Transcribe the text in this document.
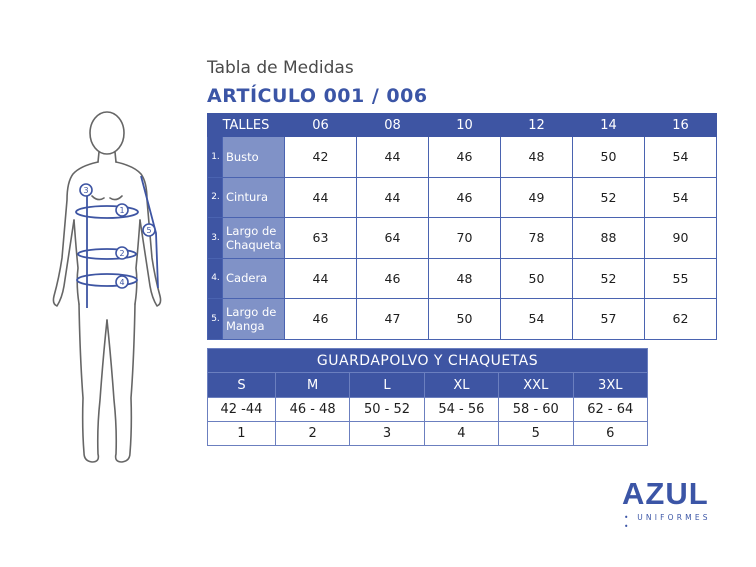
Tabla de Medidas
ARTÍCULO 001 / 006
1
2
3
4
5
TALLES		06	08	10	12	14	16
1.	Busto	42	44	46	48	50	54
2.	Cintura	44	44	46	49	52	54
3.	Largo de
Chaqueta	63	64	70	78	88	90
4.	Cadera	44	46	48	50	52	55
5.	Largo de
Manga	46	47	50	54	57	62
GUARDAPOLVO Y CHAQUETAS					
S	M	L	XL	XXL	3XL
42 -44	46 - 48	50 - 52	54 - 56	58 - 60	62 - 64
1	2	3	4	5	6
AZUL
• UNIFORMES •
